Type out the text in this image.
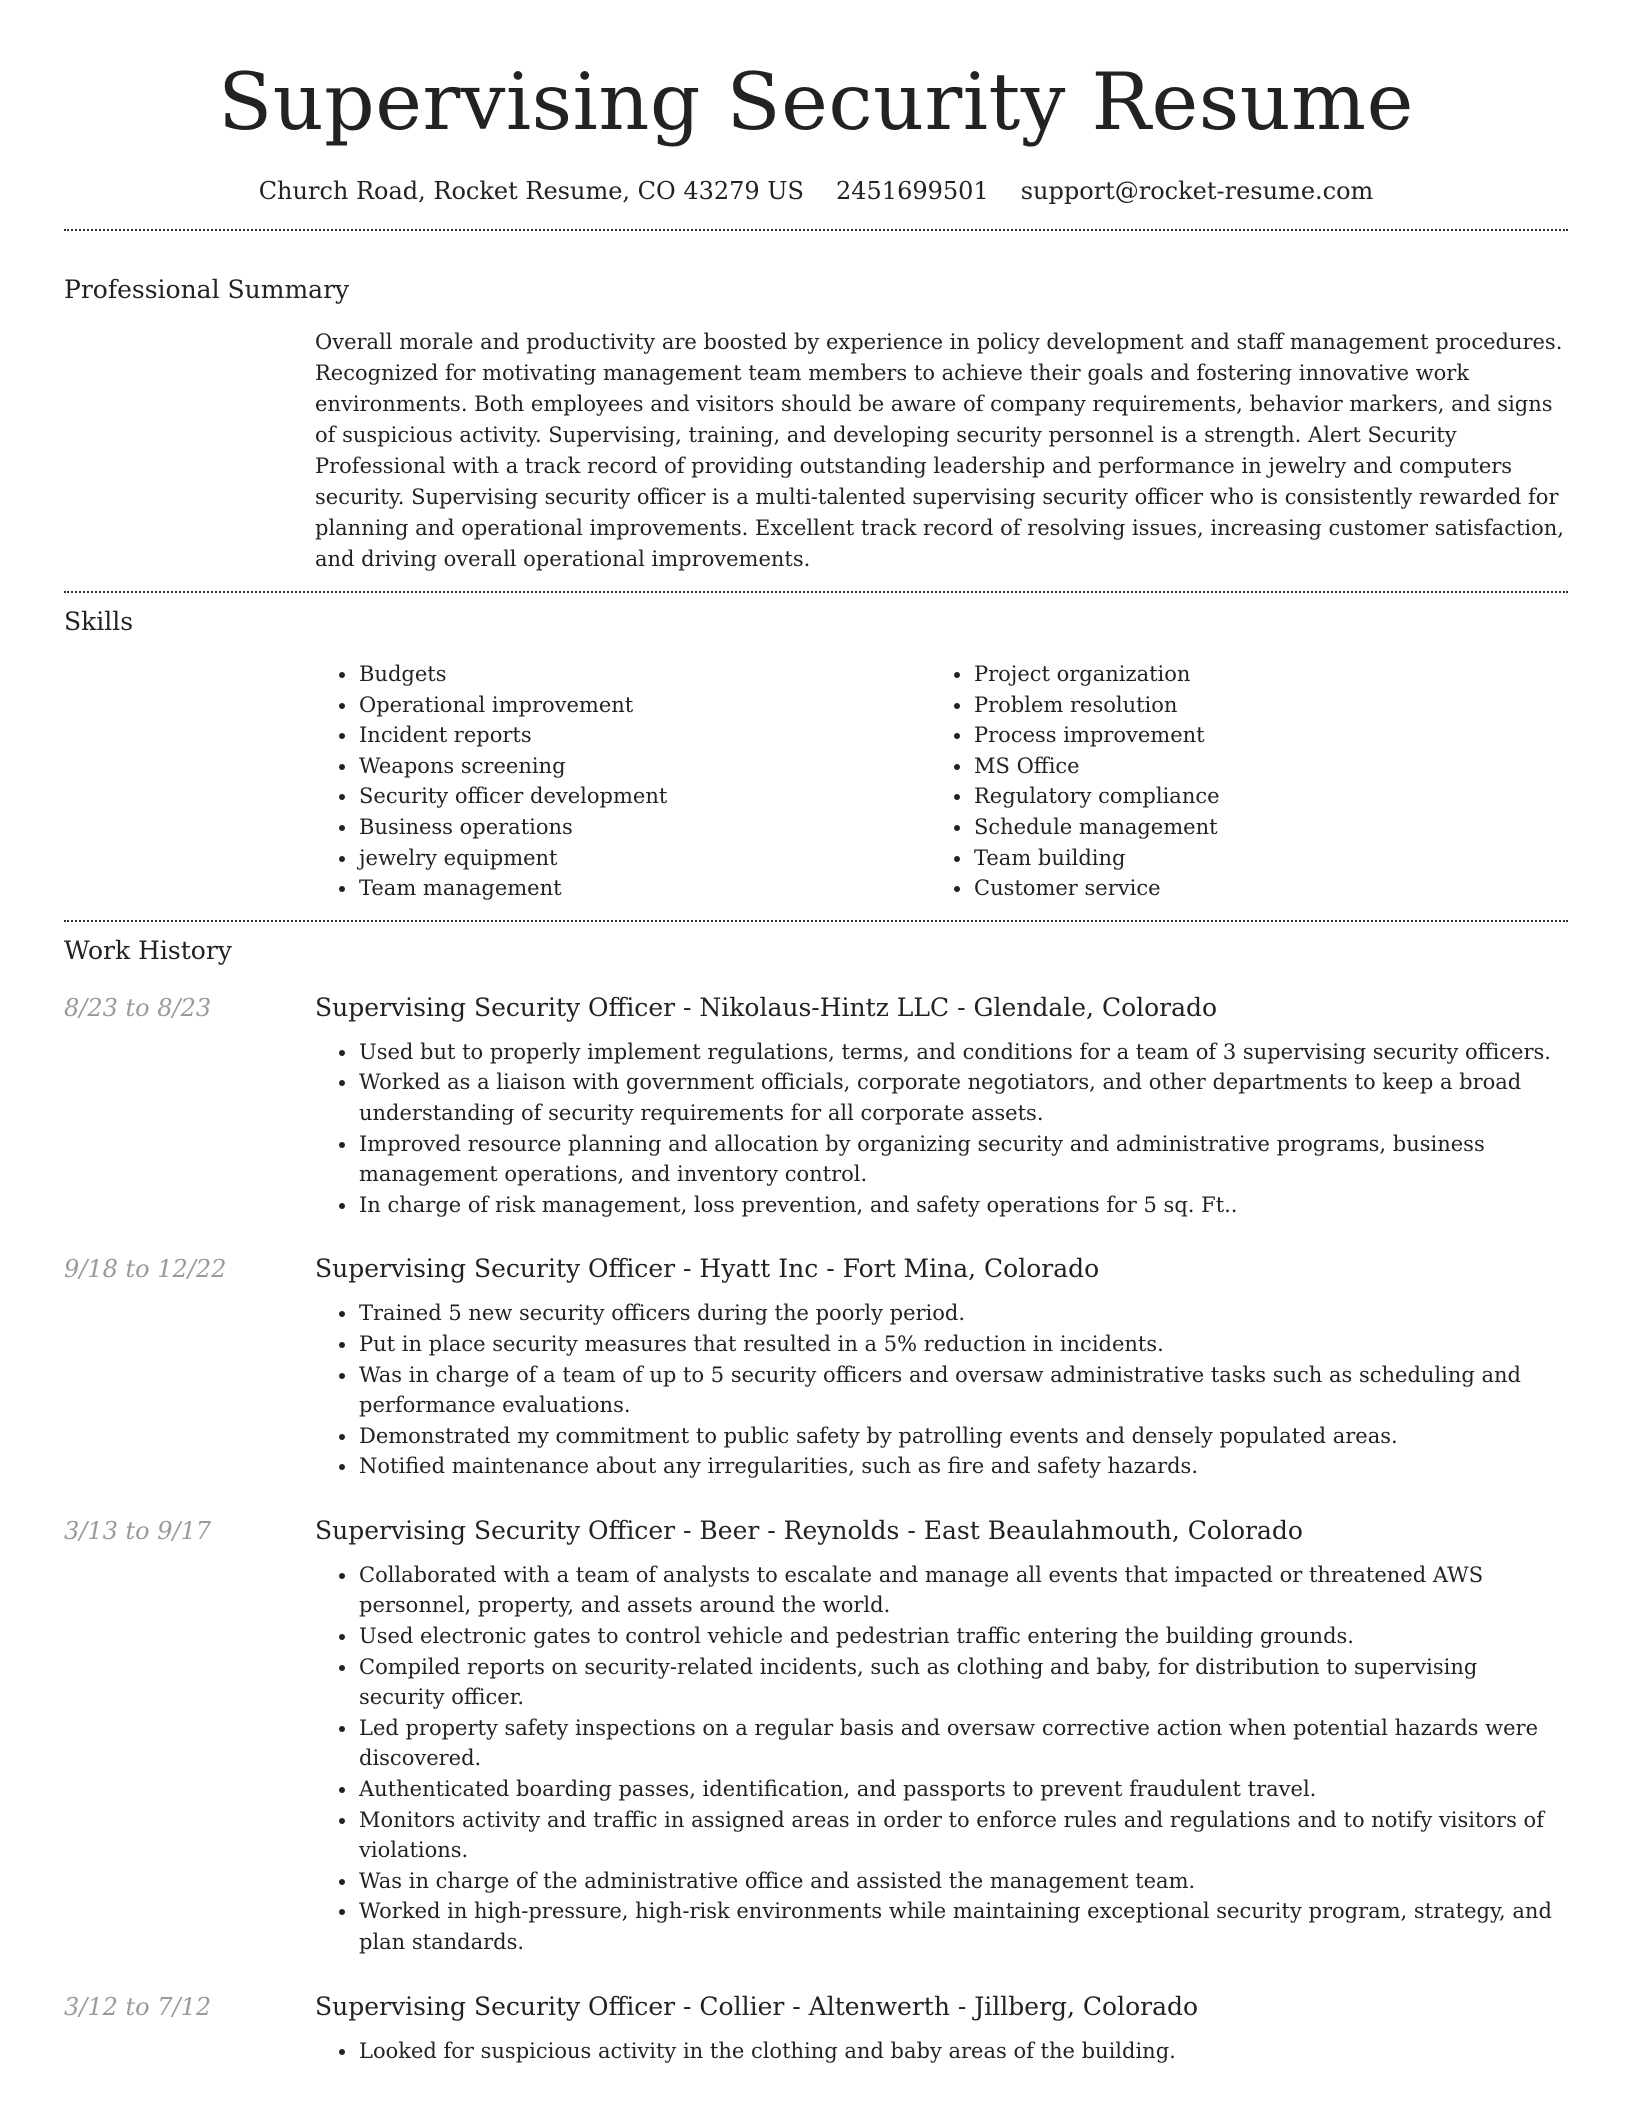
Supervising Security Resume
Church Road, Rocket Resume, CO 43279 US 2451699501 support@rocket-resume.com
Professional Summary
Overall morale and productivity are boosted by experience in policy development and staff management procedures. Recognized for motivating management team members to achieve their goals and fostering innovative work environments. Both employees and visitors should be aware of company requirements, behavior markers, and signs of suspicious activity. Supervising, training, and developing security personnel is a strength. Alert Security Professional with a track record of providing outstanding leadership and performance in jewelry and computers security. Supervising security officer is a multi-talented supervising security officer who is consistently rewarded for planning and operational improvements. Excellent track record of resolving issues, increasing customer satisfaction, and driving overall operational improvements.
Skills
• Budgets
• Operational improvement
• Incident reports
• Weapons screening
• Security officer development
• Business operations
• jewelry equipment
• Team management
• Project organization
• Problem resolution
• Process improvement
• MS Office
• Regulatory compliance
• Schedule management
• Team building
• Customer service
Work History
8/23 to 8/23	Supervising Security Officer - Nikolaus-Hintz LLC - Glendale, Colorado
• Used but to properly implement regulations, terms, and conditions for a team of 3 supervising security officers.
• Worked as a liaison with government officials, corporate negotiators, and other departments to keep a broad understanding of security requirements for all corporate assets.
• Improved resource planning and allocation by organizing security and administrative programs, business management operations, and inventory control.
• In charge of risk management, loss prevention, and safety operations for 5 sq. Ft..
9/18 to 12/22	Supervising Security Officer - Hyatt Inc - Fort Mina, Colorado
• Trained 5 new security officers during the poorly period.
• Put in place security measures that resulted in a 5% reduction in incidents.
• Was in charge of a team of up to 5 security officers and oversaw administrative tasks such as scheduling and performance evaluations.
• Demonstrated my commitment to public safety by patrolling events and densely populated areas.
• Notified maintenance about any irregularities, such as fire and safety hazards.
3/13 to 9/17	Supervising Security Officer - Beer - Reynolds - East Beaulahmouth, Colorado
• Collaborated with a team of analysts to escalate and manage all events that impacted or threatened AWS personnel, property, and assets around the world.
• Used electronic gates to control vehicle and pedestrian traffic entering the building grounds.
• Compiled reports on security-related incidents, such as clothing and baby, for distribution to supervising security officer.
• Led property safety inspections on a regular basis and oversaw corrective action when potential hazards were discovered.
• Authenticated boarding passes, identification, and passports to prevent fraudulent travel.
• Monitors activity and traffic in assigned areas in order to enforce rules and regulations and to notify visitors of violations.
• Was in charge of the administrative office and assisted the management team.
• Worked in high-pressure, high-risk environments while maintaining exceptional security program, strategy, and plan standards.
3/12 to 7/12	Supervising Security Officer - Collier - Altenwerth - Jillberg, Colorado
• Looked for suspicious activity in the clothing and baby areas of the building.
